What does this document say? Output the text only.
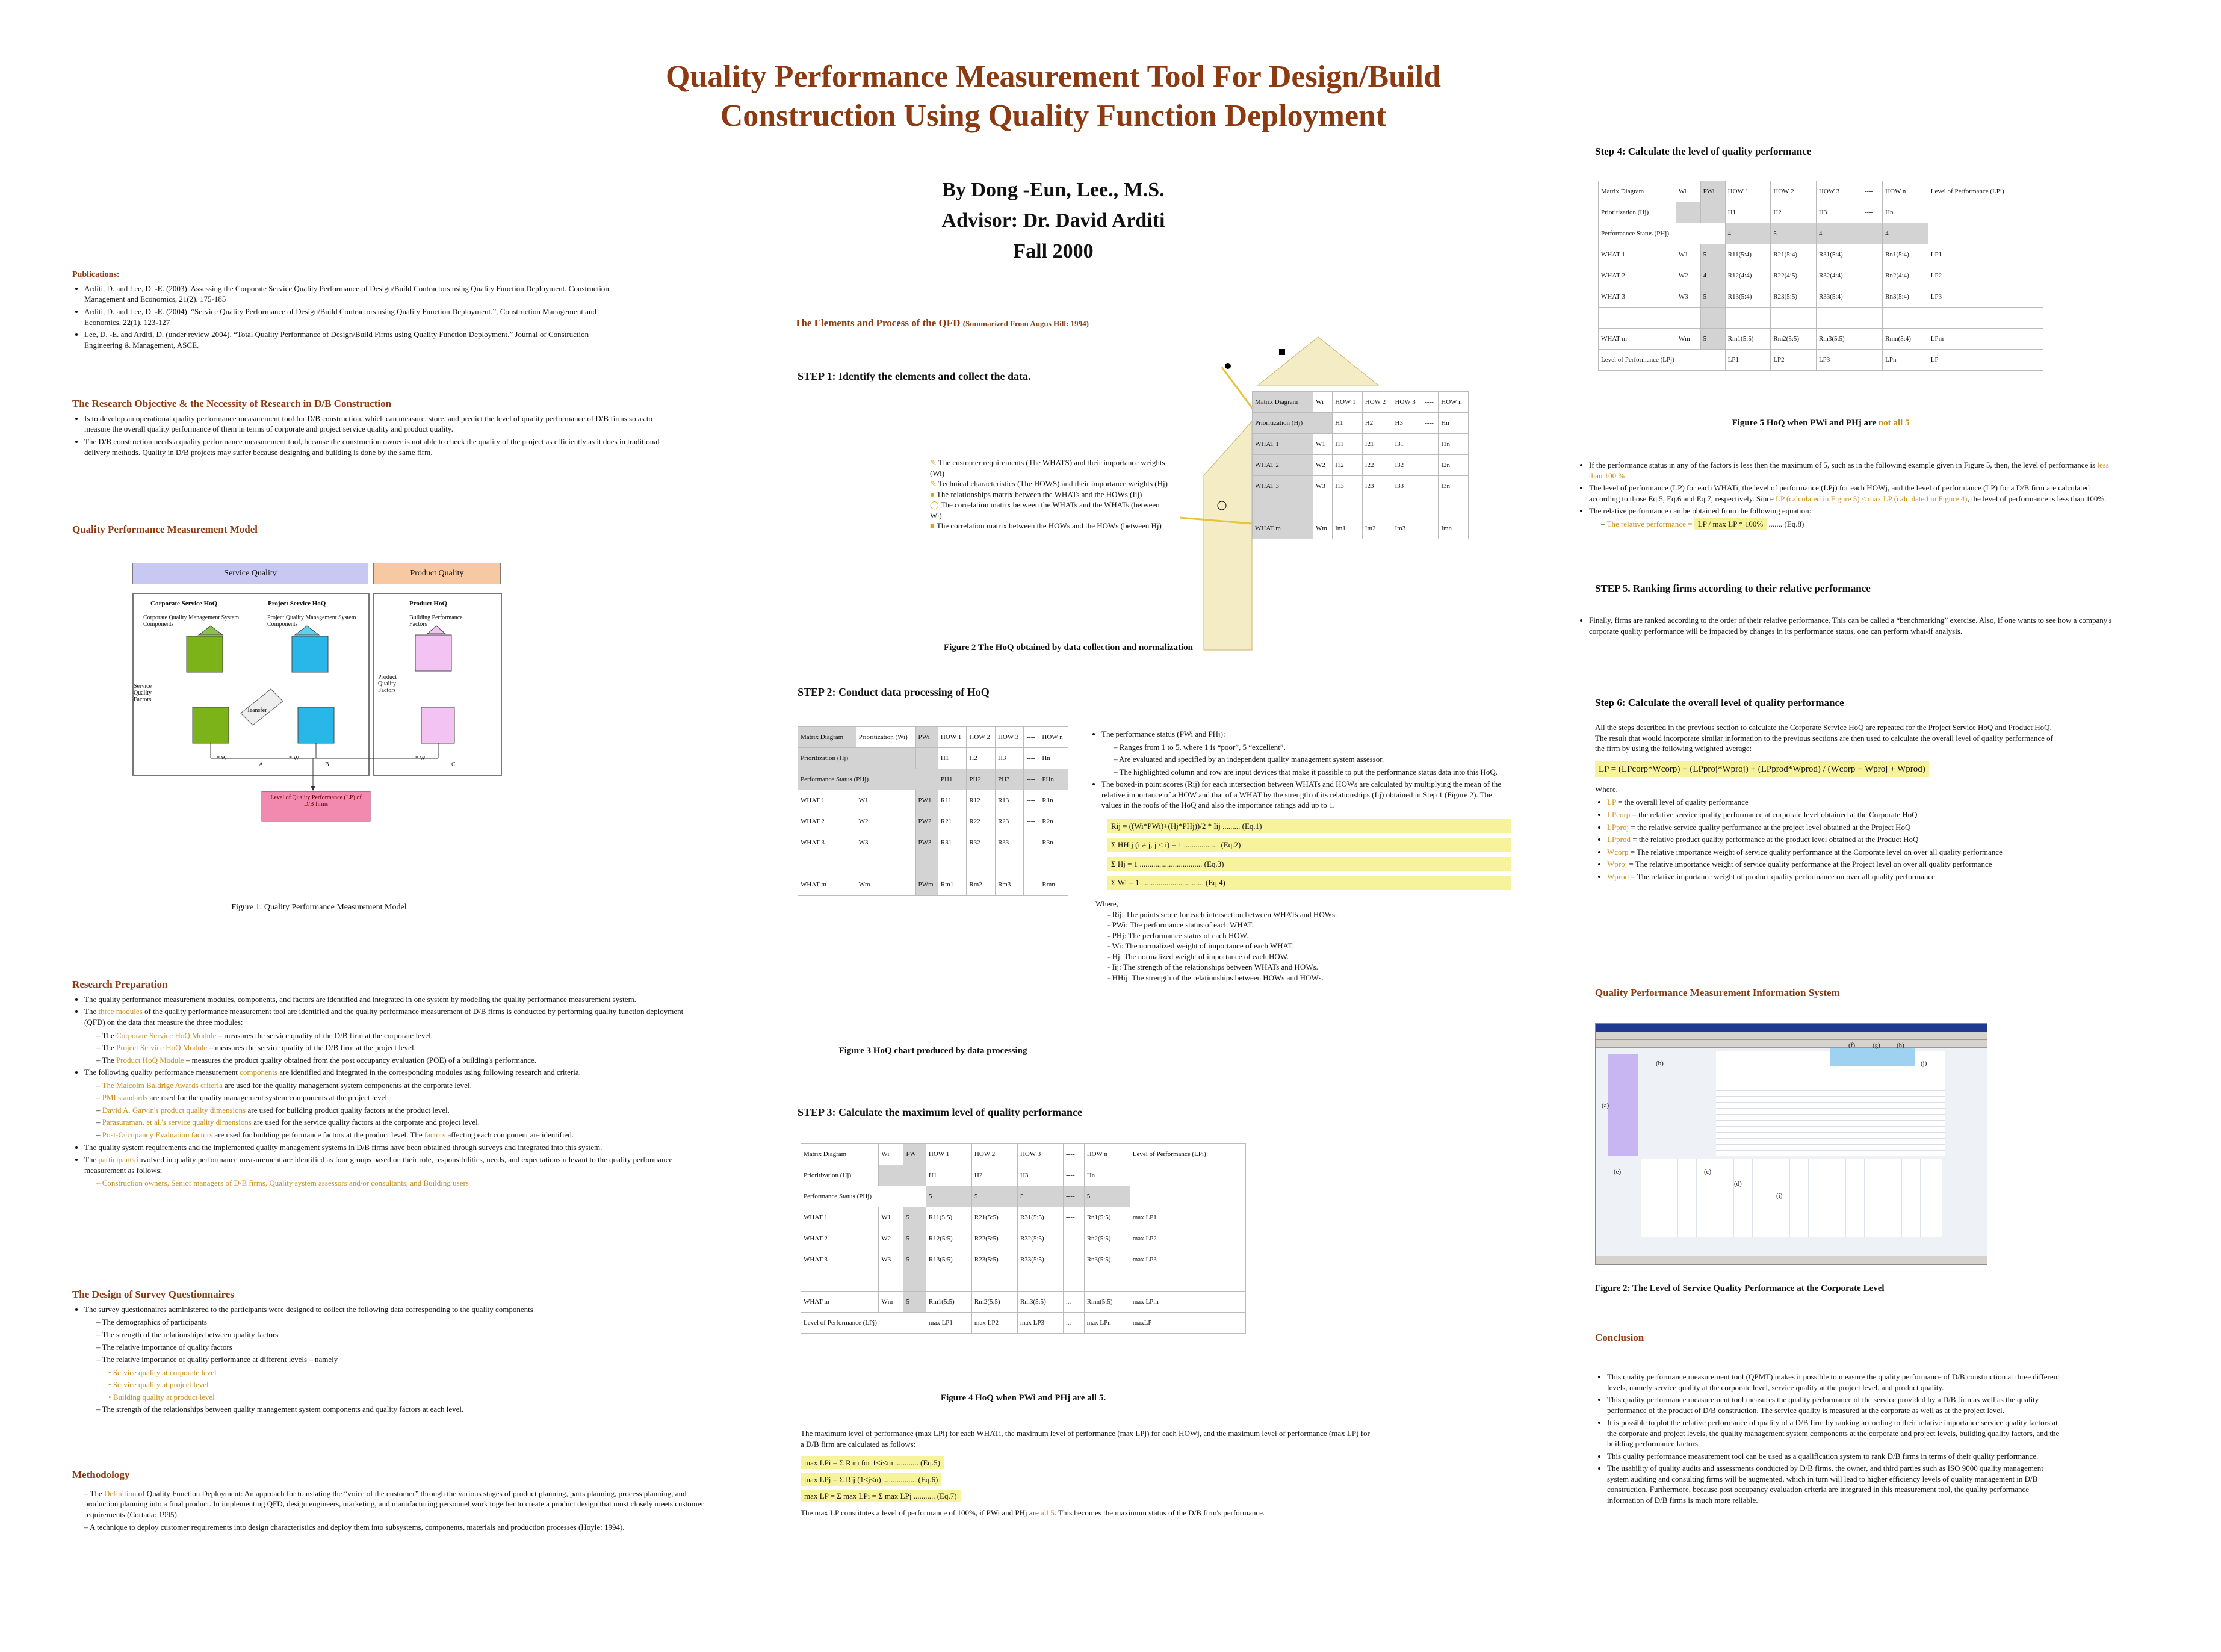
Quality Performance Measurement Tool For Design/Build
Construction Using Quality Function Deployment
By Dong -Eun, Lee., M.S.
Advisor: Dr. David Arditi
Fall 2000
Publications:
• Arditi, D. and Lee, D. -E. (2003). Assessing the Corporate Service Quality Performance of Design/Build Contractors using Quality Function Deployment. Construction Management and Economics, 21(2). 175-185
• Arditi, D. and Lee, D. -E. (2004). “Service Quality Performance of Design/Build Contractors using Quality Function Deployment.”, Construction Management and Economics, 22(1). 123-127
• Lee, D. -E. and Arditi, D. (under review 2004). “Total Quality Performance of Design/Build Firms using Quality Function Deployment.” Journal of Construction Engineering & Management, ASCE.
The Research Objective & the Necessity of Research in D/B Construction
• Is to develop an operational quality performance measurement tool for D/B construction, which can measure, store, and predict the level of quality performance of D/B firms so as to measure the overall quality performance of them in terms of corporate and project service quality and product quality.
• The D/B construction needs a quality performance measurement tool, because the construction owner is not able to check the quality of the project as efficiently as it does in traditional delivery methods. Quality in D/B projects may suffer because designing and building is done by the same firm.
Quality Performance Measurement Model
Service Quality	Product Quality
Corporate Service HoQ	Project Service HoQ	Product HoQ
Corporate Quality Management System Components
Project Quality Management System Components
Building Performance Factors
Service Quality Factors
Product Quality Factors
Transfer
* W	* W	* W
A	B	C
Level of Quality Performance (LP) of D/B firms
Figure 1: Quality Performance Measurement Model
Research Preparation
• The quality performance measurement modules, components, and factors are identified and integrated in one system by modeling the quality performance measurement system.
• The three modules of the quality performance measurement tool are identified and the quality performance measurement of D/B firms is conducted by performing quality function deployment (QFD) on the data that measure the three modules:
– The Corporate Service HoQ Module – measures the service quality of the D/B firm at the corporate level.
– The Project Service HoQ Module – measures the service quality of the D/B firm at the project level.
– The Product HoQ Module – measures the product quality obtained from the post occupancy evaluation (POE) of a building's performance.
• The following quality performance measurement components are identified and integrated in the corresponding modules using following research and criteria.
– The Malcolm Baldrige Awards criteria are used for the quality management system components at the corporate level.
– PMI standards are used for the quality management system components at the project level.
– David A. Garvin's product quality dimensions are used for building product quality factors at the product level.
– Parasuraman, et al.'s service quality dimensions are used for the service quality factors at the corporate and project level.
– Post-Occupancy Evaluation factors are used for building performance factors at the product level. The factors affecting each component are identified.
• The quality system requirements and the implemented quality management systems in D/B firms have been obtained through surveys and integrated into this system.
• The participants involved in quality performance measurement are identified as four groups based on their role, responsibilities, needs, and expectations relevant to the quality performance measurement as follows;
– Construction owners, Senior managers of D/B firms, Quality system assessors and/or consultants, and Building users
The Design of Survey Questionnaires
• The survey questionnaires administered to the participants were designed to collect the following data corresponding to the quality components
– The demographics of participants
– The strength of the relationships between quality factors
– The relative importance of quality factors
– The relative importance of quality performance at different levels – namely
• Service quality at corporate level
• Service quality at project level
• Building quality at product level
– The strength of the relationships between quality management system components and quality factors at each level.
Methodology
– The Definition of Quality Function Deployment: An approach for translating the “voice of the customer” through the various stages of product planning, parts planning, process planning, and production planning into a final product. In implementing QFD, design engineers, marketing, and manufacturing personnel work together to create a product design that most closely meets customer requirements (Cortada: 1995).
– A technique to deploy customer requirements into design characteristics and deploy them into subsystems, components, materials and production processes (Hoyle: 1994).
The Elements and Process of the QFD (Summarized From Augus Hill: 1994)
STEP 1: Identify the elements and collect the data.
✎ The customer requirements (The WHATS) and their importance weights (Wi)
✎ Technical characteristics (The HOWS) and their importance weights (Hj)
● The relationships matrix between the WHATs and the HOWs (Iij)
◯ The correlation matrix between the WHATs and the WHATs (between Wi)
■ The correlation matrix between the HOWs and the HOWs (between Hj)
Matrix Diagram	Wi	HOW 1	HOW 2	HOW 3	----	HOW n
Prioritization (Hj)		H1	H2	H3	----	Hn
WHAT 1	W1	I11	I21	I31		I1n
WHAT 2	W2	I12	I22	I32		I2n
WHAT 3	W3	I13	I23	I33		I3n

WHAT m	Wm	Im1	Im2	Im3		Imn
Figure 2 The HoQ obtained by data collection and normalization
STEP 2: Conduct data processing of HoQ
Matrix Diagram	Prioritization (Wi)	PWi	HOW 1	HOW 2	HOW 3	----	HOW n
Prioritization (Hj)			H1	H2	H3	----	Hn
Performance Status (PHj)			PH1	PH2	PH3	----	PHn
WHAT 1	W1	PW1	R11	R12	R13	----	R1n
WHAT 2	W2	PW2	R21	R22	R23	----	R2n
WHAT 3	W3	PW3	R31	R32	R33	----	R3n

WHAT m	Wm	PWm	Rm1	Rm2	Rm3	----	Rmn
Figure 3 HoQ chart produced by data processing
• The performance status (PWi and PHj):
– Ranges from 1 to 5, where 1 is “poor”, 5 “excellent”.
– Are evaluated and specified by an independent quality management system assessor.
– The highlighted column and row are input devices that make it possible to put the performance status data into this HoQ.
• The boxed-in point scores (Rij) for each intersection between WHATs and HOWs are calculated by multiplying the mean of the relative importance of a HOW and that of a WHAT by the strength of its relationships (Iij) obtained in Step 1 (Figure 2). The values in the roofs of the HoQ and also the importance ratings add up to 1.
Rij = ((Wi*PWi)+(Hj*PHj))/2 * Iij ......... (Eq.1)
Σ HHij (i ≠ j, j < i) = 1 .................. (Eq.2)
Σ Hj = 1 ................................ (Eq.3)
Σ Wi = 1 ................................ (Eq.4)
Where,
- Rij: The points score for each intersection between WHATs and HOWs.
- PWi: The performance status of each WHAT.
- PHj: The performance status of each HOW.
- Wi: The normalized weight of importance of each WHAT.
- Hj: The normalized weight of importance of each HOW.
- Iij: The strength of the relationships between WHATs and HOWs.
- HHij: The strength of the relationships between HOWs and HOWs.
STEP 3: Calculate the maximum level of quality performance
Matrix Diagram	Wi	PW	HOW 1	HOW 2	HOW 3	----	HOW n	Level of Performance (LPi)
Prioritization (Hj)			H1	H2	H3	----	Hn	
Performance Status (PHj)			5	5	5	----	5	
WHAT 1	W1	5	R11(5:5)	R21(5:5)	R31(5:5)	----	Rn1(5:5)	max LP1
WHAT 2	W2	5	R12(5:5)	R22(5:5)	R32(5:5)	----	Rn2(5:5)	max LP2
WHAT 3	W3	5	R13(5:5)	R23(5:5)	R33(5:5)	----	Rn3(5:5)	max LP3

WHAT m	Wm	5	Rm1(5:5)	Rm2(5:5)	Rm3(5:5)	...	Rmn(5:5)	max LPm
Level of Performance (LPj)			max LP1	max LP2	max LP3	...	max LPn	maxLP
Figure 4 HoQ when PWi and PHj are all 5.
The maximum level of performance (max LPi) for each WHATi, the maximum level of performance (max LPj) for each HOWj, and the maximum level of performance (max LP) for a D/B firm are calculated as follows:
max LPi = Σ Rim for 1≤i≤m ............ (Eq.5)
max LPj = Σ Rij (1≤j≤n) ................. (Eq.6)
max LP = Σ max LPi = Σ max LPj ........... (Eq.7)
The max LP constitutes a level of performance of 100%, if PWi and PHj are all 5. This becomes the maximum status of the D/B firm's performance.
Step 4: Calculate the level of quality performance
Matrix Diagram	Wi	PWi	HOW 1	HOW 2	HOW 3	----	HOW n	Level of Performance (LPi)
Prioritization (Hj)			H1	H2	H3	----	Hn	
Performance Status (PHj)			4	5	4	----	4	
WHAT 1	W1	5	R11(5:4)	R21(5:4)	R31(5:4)	----	Rn1(5:4)	LP1
WHAT 2	W2	4	R12(4:4)	R22(4:5)	R32(4:4)	----	Rn2(4:4)	LP2
WHAT 3	W3	5	R13(5:4)	R23(5:5)	R33(5:4)	----	Rn3(5:4)	LP3

WHAT m	Wm	5	Rm1(5:5)	Rm2(5:5)	Rm3(5:5)	----	Rmn(5:4)	LPm
Level of Performance (LPj)			LP1	LP2	LP3	----	LPn	LP
Figure 5 HoQ when PWi and PHj are not all 5
• If the performance status in any of the factors is less then the maximum of 5, such as in the following example given in Figure 5, then, the level of performance is less than 100 %
• The level of performance (LP) for each WHATi, the level of performance (LPj) for each HOWj, and the level of performance (LP) for a D/B firm are calculated according to those Eq.5, Eq.6 and Eq.7, respectively. Since LP (calculated in Figure 5) ≤ max LP (calculated in Figure 4), the level of performance is less than 100%.
• The relative performance can be obtained from the following equation:
– The relative performance = LP / max LP * 100% ....... (Eq.8)
STEP 5. Ranking firms according to their relative performance
• Finally, firms are ranked according to the order of their relative performance. This can be called a “benchmarking” exercise. Also, if one wants to see how a company's corporate quality performance will be impacted by changes in its performance status, one can perform what-if analysis.
Step 6: Calculate the overall level of quality performance
All the steps described in the previous section to calculate the Corporate Service HoQ are repeated for the Project Service HoQ and Product HoQ. The result that would incorporate similar information to the previous sections are then used to calculate the overall level of quality performance of the firm by using the following weighted average:
LP = (LPcorp*Wcorp) + (LPproj*Wproj) + (LPprod*Wprod) / (Wcorp + Wproj + Wprod)
Where,
• LP = the overall level of quality performance
• LPcorp = the relative service quality performance at corporate level obtained at the Corporate HoQ
• LPproj = the relative service quality performance at the project level obtained at the Project HoQ
• LPprod = the relative product quality performance at the product level obtained at the Product HoQ
• Wcorp = The relative importance weight of service quality performance at the Corporate level on over all quality performance
• Wproj = The relative importance weight of service quality performance at the Project level on over all quality performance
• Wprod = The relative importance weight of product quality performance on over all quality performance
Quality Performance Measurement Information System
(a)
(b)
(c)
(d)
(e)
(f)	(g) (h)
(i)
(j)
Figure 2: The Level of Service Quality Performance at the Corporate Level
Conclusion
• This quality performance measurement tool (QPMT) makes it possible to measure the quality performance of D/B construction at three different levels, namely service quality at the corporate level, service quality at the project level, and product quality.
• This quality performance measurement tool measures the quality performance of the service provided by a D/B firm as well as the quality performance of the product of D/B construction. The service quality is measured at the corporate as well as at the project level.
• It is possible to plot the relative performance of quality of a D/B firm by ranking according to their relative importance service quality factors at the corporate and project levels, the quality management system components at the corporate and project levels, building quality factors, and the building performance factors.
• This quality performance measurement tool can be used as a qualification system to rank D/B firms in terms of their quality performance.
• The usability of quality audits and assessments conducted by D/B firms, the owner, and third parties such as ISO 9000 quality management system auditing and consulting firms will be augmented, which in turn will lead to higher efficiency levels of quality management in D/B construction. Furthermore, because post occupancy evaluation criteria are integrated in this measurement tool, the quality performance information of D/B firms is much more reliable.
